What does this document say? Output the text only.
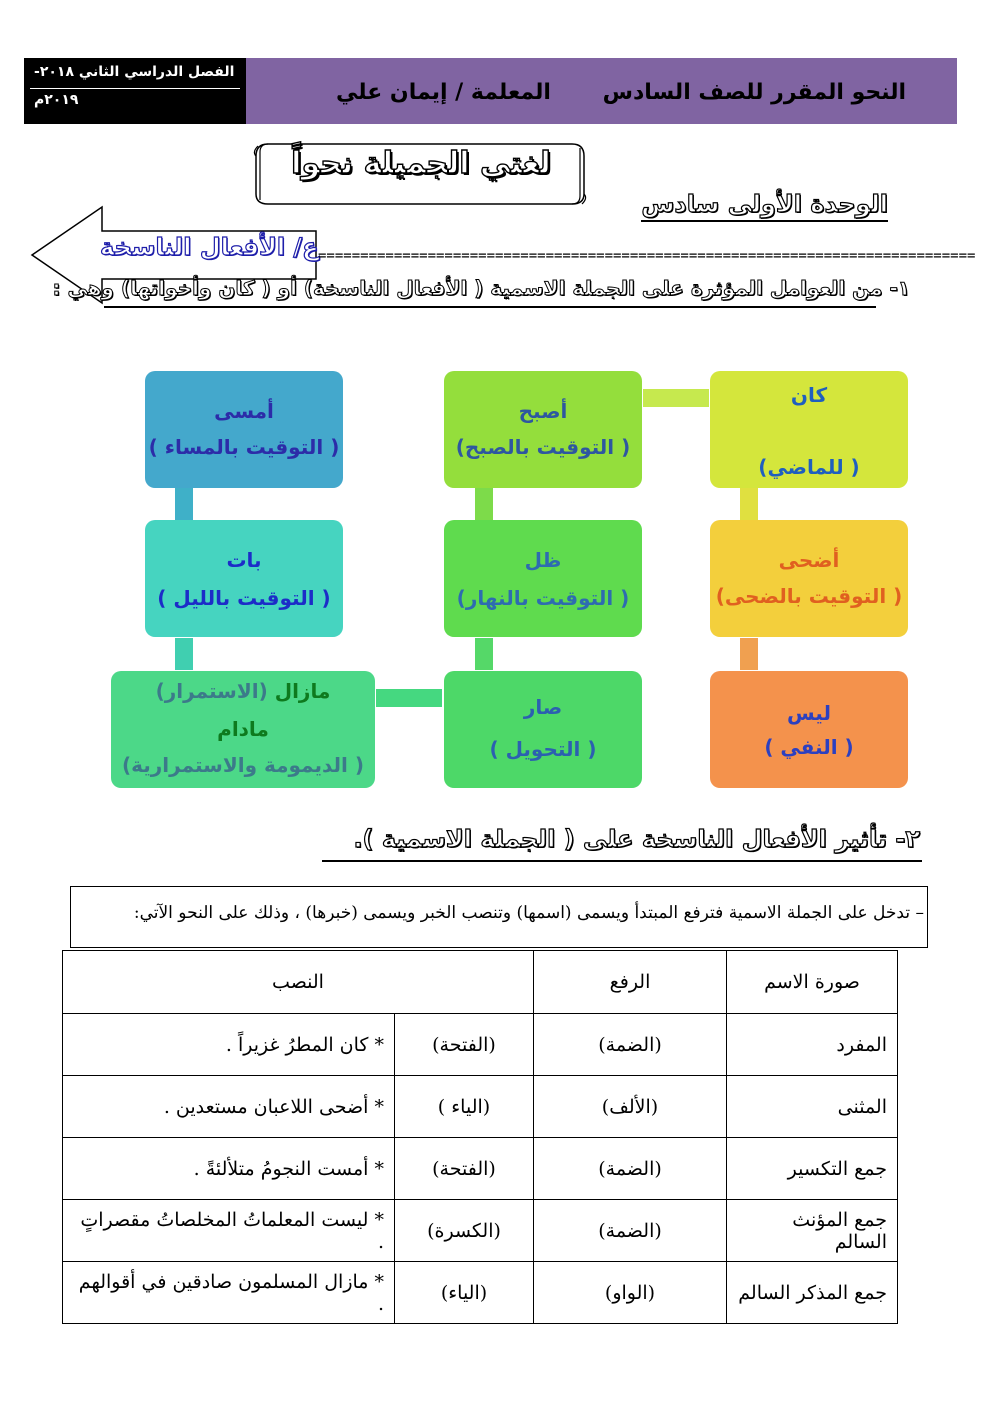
النحو المقرر للصف السادس
المعلمة / إيمان علي
الفصل الدراسي الثاني ٢٠١٨-
٢٠١٩م
لغتي الجميلة نحواً
الوحدة الأولى سادس
ع/ الأفعال الناسخة ==============================================================================
١- من العوامل المؤثرة على الجملة الاسمية ( الأفعال الناسخة) أو ( كان وأخواتها) وهي :
كان
( للماضي)
أصبح
( التوقيت بالصبح)
أمسى
( التوقيت بالمساء )
أضحى
( التوقيت بالضحى)
ظل
( التوقيت بالنهار)
بات
( التوقيت بالليل )
ليس
( النفي )
صار
( التحويل )
مازال (الاستمرار)
مادام
( الديمومة والاستمرارية)
٢- تأثير الأفعال الناسخة على ( الجملة الاسمية ).
– تدخل على الجملة الاسمية فترفع المبتدأ ويسمى (اسمها) وتنصب الخبر ويسمى (خبرها) ، وذلك على النحو الآتي:
صورة الاسم	الرفع	النصب	
المفرد	(الضمة)	(الفتحة)	* كان المطرُ غزيراً .
المثنى	(الألف)	(الياء )	* أضحى اللاعبان مستعدين .
جمع التكسير	(الضمة)	(الفتحة)	* أمست النجومُ متلألئةً .
جمع المؤنث السالم	(الضمة)	(الكسرة)	* ليست المعلماتُ المخلصاتُ مقصراتٍ .
جمع المذكر السالم	(الواو)	(الياء)	* مازال المسلمون صادقين في أقوالهم .
